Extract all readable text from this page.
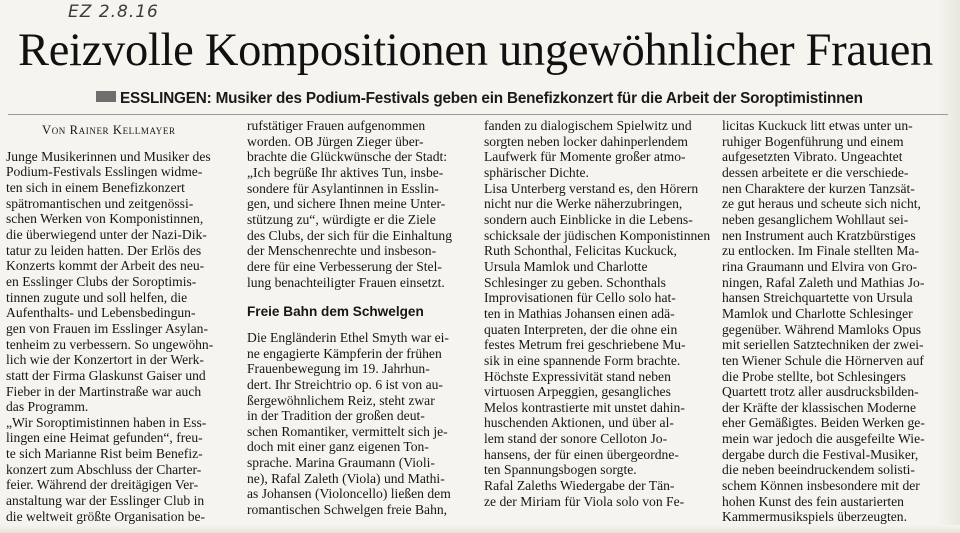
EZ 2.8.16
Reizvolle Kompositionen ungewöhnlicher Frauen
ESSLINGEN: Musiker des Podium-Festivals geben ein Benefizkonzert für die Arbeit der Soroptimistinnen
Von Rainer Kellmayer
Junge Musikerinnen und Musiker des
Podium-Festivals Esslingen widme-
ten sich in einem Benefizkonzert
spätromantischen und zeitgenössi-
schen Werken von Komponistinnen,
die überwiegend unter der Nazi-Dik-
tatur zu leiden hatten. Der Erlös des
Konzerts kommt der Arbeit des neu-
en Esslinger Clubs der Soroptimis-
tinnen zugute und soll helfen, die
Aufenthalts- und Lebensbedingun-
gen von Frauen im Esslinger Asylan-
tenheim zu verbessern. So ungewöhn-
lich wie der Konzertort in der Werk-
statt der Firma Glaskunst Gaiser und
Fieber in der Martinstraße war auch
das Programm.
„Wir Soroptimistinnen haben in Ess-
lingen eine Heimat gefunden“, freu-
te sich Marianne Rist beim Benefiz-
konzert zum Abschluss der Charter-
feier. Während der dreitägigen Ver-
anstaltung war der Esslinger Club in
die weltweit größte Organisation be-
rufstätiger Frauen aufgenommen
worden. OB Jürgen Zieger über-
brachte die Glückwünsche der Stadt:
„Ich begrüße Ihr aktives Tun, insbe-
sondere für Asylantinnen in Esslin-
gen, und sichere Ihnen meine Unter-
stützung zu“, würdigte er die Ziele
des Clubs, der sich für die Einhaltung
der Menschenrechte und insbeson-
dere für eine Verbesserung der Stel-
lung benachteiligter Frauen einsetzt.
Freie Bahn dem Schwelgen
Die Engländerin Ethel Smyth war ei-
ne engagierte Kämpferin der frühen
Frauenbewegung im 19. Jahrhun-
dert. Ihr Streichtrio op. 6 ist von au-
ßergewöhnlichem Reiz, steht zwar
in der Tradition der großen deut-
schen Romantiker, vermittelt sich je-
doch mit einer ganz eigenen Ton-
sprache. Marina Graumann (Violi-
ne), Rafal Zaleth (Viola) und Mathi-
as Johansen (Violoncello) ließen dem
romantischen Schwelgen freie Bahn,
fanden zu dialogischem Spielwitz und
sorgten neben locker dahinperlendem
Laufwerk für Momente großer atmo-
sphärischer Dichte.
Lisa Unterberg verstand es, den Hörern
nicht nur die Werke näherzubringen,
sondern auch Einblicke in die Lebens-
schicksale der jüdischen Komponistinnen
Ruth Schonthal, Felicitas Kuckuck,
Ursula Mamlok und Charlotte
Schlesinger zu geben. Schonthals
Improvisationen für Cello solo hat-
ten in Mathias Johansen einen adä-
quaten Interpreten, der die ohne ein
festes Metrum frei geschriebene Mu-
sik in eine spannende Form brachte.
Höchste Expressivität stand neben
virtuosen Arpeggien, gesangliches
Melos kontrastierte mit unstet dahin-
huschenden Aktionen, und über al-
lem stand der sonore Celloton Jo-
hansens, der für einen übergeordne-
ten Spannungsbogen sorgte.
Rafal Zaleths Wiedergabe der Tän-
ze der Miriam für Viola solo von Fe-
licitas Kuckuck litt etwas unter un-
ruhiger Bogenführung und einem
aufgesetzten Vibrato. Ungeachtet
dessen arbeitete er die verschiede-
nen Charaktere der kurzen Tanzsät-
ze gut heraus und scheute sich nicht,
neben gesanglichem Wohllaut sei-
nen Instrument auch Kratzbürstiges
zu entlocken. Im Finale stellten Ma-
rina Graumann und Elvira von Gro-
ningen, Rafal Zaleth und Mathias Jo-
hansen Streichquartette von Ursula
Mamlok und Charlotte Schlesinger
gegenüber. Während Mamloks Opus
mit seriellen Satztechniken der zwei-
ten Wiener Schule die Hörnerven auf
die Probe stellte, bot Schlesingers
Quartett trotz aller ausdrucksbilden-
der Kräfte der klassischen Moderne
eher Gemäßigtes. Beiden Werken ge-
mein war jedoch die ausgefeilte Wie-
dergabe durch die Festival-Musiker,
die neben beeindruckendem solisti-
schem Können insbesondere mit der
hohen Kunst des fein austarierten
Kammermusikspiels überzeugten.
